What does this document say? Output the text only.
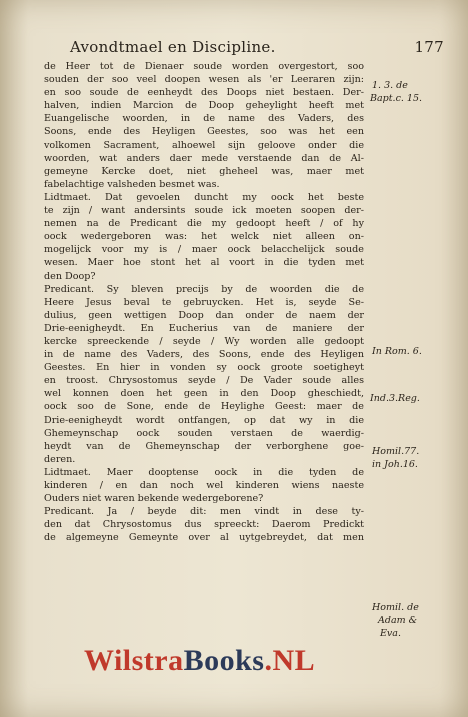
Avondtmael en Discipline.	177
de Heer tot de Dienaer soude worden overgestort, soo
souden der soo veel doopen wesen als 'er Leeraren zijn:
en soo soude de eenheydt des Doops niet bestaen. Der-
halven, indien Marcion de Doop geheylight heeft met
Euangelische woorden, in de name des Vaders, des
Soons, ende des Heyligen Geestes, soo was het een
volkomen Sacrament, alhoewel sijn geloove onder die
woorden, wat anders daer mede verstaende dan de Al-
gemeyne Kercke doet, niet gheheel was, maer met
fabelachtige valsheden besmet was.
Lidtmaet. Dat gevoelen duncht my oock het beste
te zijn / want andersints soude ick moeten soopen der-
nemen na de Predicant die my gedoopt heeft / of hy
oock wedergeboren was: het welck niet alleen on-
mogelijck voor my is / maer oock belacchelijck soude
wesen. Maer hoe stont het al voort in die tyden met
den Doop?
Predicant. Sy bleven precijs by de woorden die de
Heere Jesus beval te gebruycken. Het is, seyde Se-
dulius, geen wettigen Doop dan onder de naem der
Drie-eenigheydt. En Eucherius van de maniere der
kercke spreeckende / seyde / Wy worden alle gedoopt
in de name des Vaders, des Soons, ende des Heyligen
Geestes. En hier in vonden sy oock groote soetigheyt
en troost. Chrysostomus seyde / De Vader soude alles
wel konnen doen het geen in den Doop gheschiedt,
oock soo de Sone, ende de Heylighe Geest: maer de
Drie-eenigheydt wordt ontfangen, op dat wy in die
Ghemeynschap oock souden verstaen de waerdig-
heydt van de Ghemeynschap der verborghene goe-
deren.
Lidtmaet. Maer dooptense oock in die tyden de
kinderen / en dan noch wel kinderen wiens naeste
Ouders niet waren bekende wedergeborene?
Predicant. Ja / beyde dit: men vindt in dese ty-
den dat Chrysostomus dus spreeckt: Daerom Predickt
de algemeyne Gemeynte over al uytgebreydet, dat men
1. 3. de
Bapt.c. 15.
In Rom. 6.
Ind.3.Reg.
Homil.77.
in Joh.16.
Homil. de
Adam &
Eva.
WilstraBooks.NL
